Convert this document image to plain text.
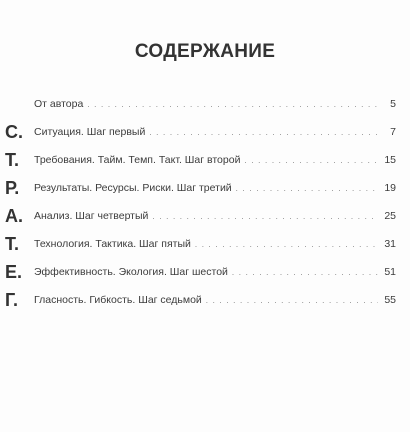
СОДЕРЖАНИЕ
От автора . . .	5
С. Ситуация. Шаг первый . . .	7
Т.	Требования. Тайм. Темп. Такт. Шаг второй . . .	15
Р.	Результаты. Ресурсы. Риски. Шаг третий . . .	19
А. Анализ. Шаг четвертый . . .	25
Т.	Технология. Тактика. Шаг пятый . . .	31
Е. Эффективность. Экология. Шаг шестой . . .	51
Г.	Гласность. Гибкость. Шаг седьмой . . .	55
